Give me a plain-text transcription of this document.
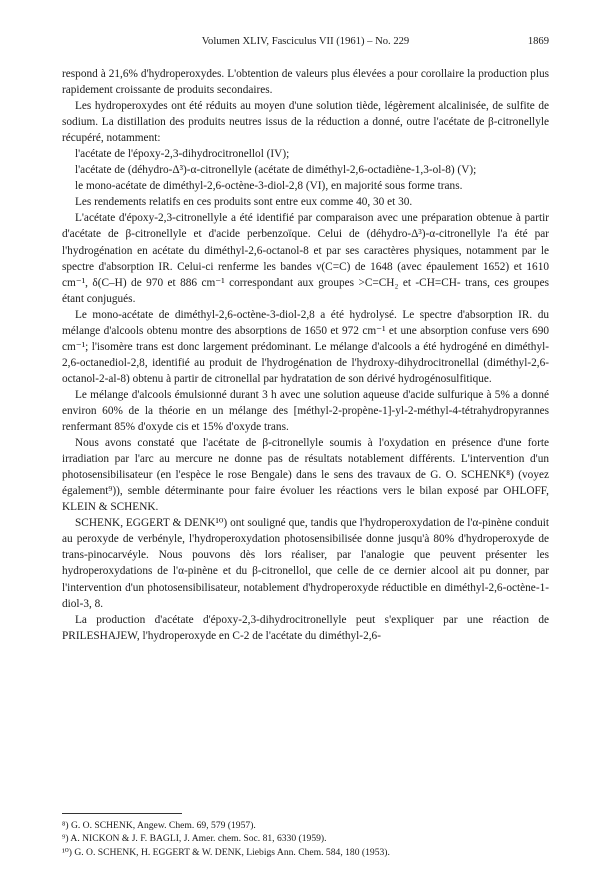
Volumen XLIV, Fasciculus VII (1961) – No. 229	1869

respond à 21,6% d'hydroperoxydes. L'obtention de valeurs plus élevées a pour corollaire la production plus rapidement croissante de produits secondaires.

Les hydroperoxydes ont été réduits au moyen d'une solution tiède, légèrement alcalinisée, de sulfite de sodium. La distillation des produits neutres issus de la réduction a donné, outre l'acétate de β-citronellyle récupéré, notamment:

l'acétate de l'époxy-2,3-dihydrocitronellol (IV);

l'acétate de (déhydro-Δ³)-α-citronellyle (acétate de diméthyl-2,6-octadiène-1,3-ol-8) (V);

le mono-acétate de diméthyl-2,6-octène-3-diol-2,8 (VI), en majorité sous forme trans.

Les rendements relatifs en ces produits sont entre eux comme 40, 30 et 30.

L'acétate d'époxy-2,3-citronellyle a été identifié par comparaison avec une préparation obtenue à partir d'acétate de β-citronellyle et d'acide perbenzoïque. Celui de (déhydro-Δ³)-α-citronellyle l'a été par l'hydrogénation en acétate du diméthyl-2,6-octanol-8 et par ses caractères physiques, notamment par le spectre d'absorption IR. Celui-ci renferme les bandes ν(C=C) de 1648 (avec épaulement 1652) et 1610 cm⁻¹, δ(C–H) de 970 et 886 cm⁻¹ correspondant aux groupes >C=CH₂ et -CH=CH- trans, ces groupes étant conjugués.

Le mono-acétate de diméthyl-2,6-octène-3-diol-2,8 a été hydrolysé. Le spectre d'absorption IR. du mélange d'alcools obtenu montre des absorptions de 1650 et 972 cm⁻¹ et une absorption confuse vers 690 cm⁻¹; l'isomère trans est donc largement prédominant. Le mélange d'alcools a été hydrogéné en diméthyl-2,6-octanediol-2,8, identifié au produit de l'hydrogénation de l'hydroxy-dihydrocitronellal (diméthyl-2,6-octanol-2-al-8) obtenu à partir de citronellal par hydratation de son dérivé hydrogénosulfitique.

Le mélange d'alcools émulsionné durant 3 h avec une solution aqueuse d'acide sulfurique à 5% a donné environ 60% de la théorie en un mélange des [méthyl-2-propène-1]-yl-2-méthyl-4-tétrahydropyrannes renfermant 85% d'oxyde cis et 15% d'oxyde trans.

Nous avons constaté que l'acétate de β-citronellyle soumis à l'oxydation en présence d'une forte irradiation par l'arc au mercure ne donne pas de résultats notablement différents. L'intervention d'un photosensibilisateur (en l'espèce le rose Bengale) dans le sens des travaux de G. O. SCHENK⁸) (voyez également⁹)), semble déterminante pour faire évoluer les réactions vers le bilan exposé par OHLOFF, KLEIN & SCHENK.

SCHENK, EGGERT & DENK¹⁰) ont souligné que, tandis que l'hydroperoxydation de l'α-pinène conduit au peroxyde de verbényle, l'hydroperoxydation photosensibilisée donne jusqu'à 80% d'hydroperoxyde de trans-pinocarvéyle. Nous pouvons dès lors réaliser, par l'analogie que peuvent présenter les hydroperoxydations de l'α-pinène et du β-citronellol, que celle de ce dernier alcool ait pu donner, par l'intervention d'un photosensibilisateur, notablement d'hydroperoxyde réductible en diméthyl-2,6-octène-1-diol-3, 8.

La production d'acétate d'époxy-2,3-dihydrocitronellyle peut s'expliquer par une réaction de PRILESHAJEW, l'hydroperoxyde en C-2 de l'acétate du diméthyl-2,6-

⁸) G. O. SCHENK, Angew. Chem. 69, 579 (1957).
⁹) A. NICKON & J. F. BAGLI, J. Amer. chem. Soc. 81, 6330 (1959).
¹⁰) G. O. SCHENK, H. EGGERT & W. DENK, Liebigs Ann. Chem. 584, 180 (1953).
